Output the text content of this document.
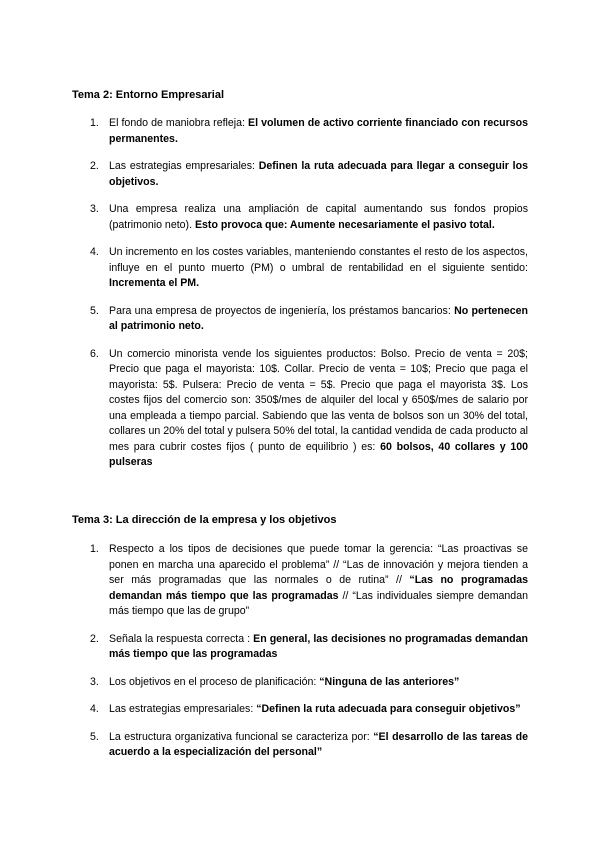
Tema 2: Entorno Empresarial

1. El fondo de maniobra refleja: El volumen de activo corriente financiado con recursos permanentes.
2. Las estrategias empresariales: Definen la ruta adecuada para llegar a conseguir los objetivos.
3. Una empresa realiza una ampliación de capital aumentando sus fondos propios (patrimonio neto). Esto provoca que: Aumente necesariamente el pasivo total.
4. Un incremento en los costes variables, manteniendo constantes el resto de los aspectos, influye en el punto muerto (PM) o umbral de rentabilidad en el siguiente sentido: Incrementa el PM.
5. Para una empresa de proyectos de ingeniería, los préstamos bancarios: No pertenecen al patrimonio neto.
6. Un comercio minorista vende los siguientes productos: Bolso. Precio de venta = 20$; Precio que paga el mayorista: 10$. Collar. Precio de venta = 10$; Precio que paga el mayorista: 5$. Pulsera: Precio de venta = 5$. Precio que paga el mayorista 3$. Los costes fijos del comercio son: 350$/mes de alquiler del local y 650$/mes de salario por una empleada a tiempo parcial. Sabiendo que las venta de bolsos son un 30% del total, collares un 20% del total y pulsera 50% del total, la cantidad vendida de cada producto al mes para cubrir costes fijos ( punto de equilibrio ) es: 60 bolsos, 40 collares y 100 pulseras

Tema 3: La dirección de la empresa y los objetivos

1. Respecto a los tipos de decisiones que puede tomar la gerencia: “Las proactivas se ponen en marcha una aparecido el problema” // “Las de innovación y mejora tienden a ser más programadas que las normales o de rutina” // “Las no programadas demandan más tiempo que las programadas // “Las individuales siempre demandan más tiempo que las de grupo”
2. Señala la respuesta correcta : En general, las decisiones no programadas demandan más tiempo que las programadas
3. Los objetivos en el proceso de planificación: “Ninguna de las anteriores”
4. Las estrategias empresariales: “Definen la ruta adecuada para conseguir objetivos”
5. La estructura organizativa funcional se caracteriza por: “El desarrollo de las tareas de acuerdo a la especialización del personal”
